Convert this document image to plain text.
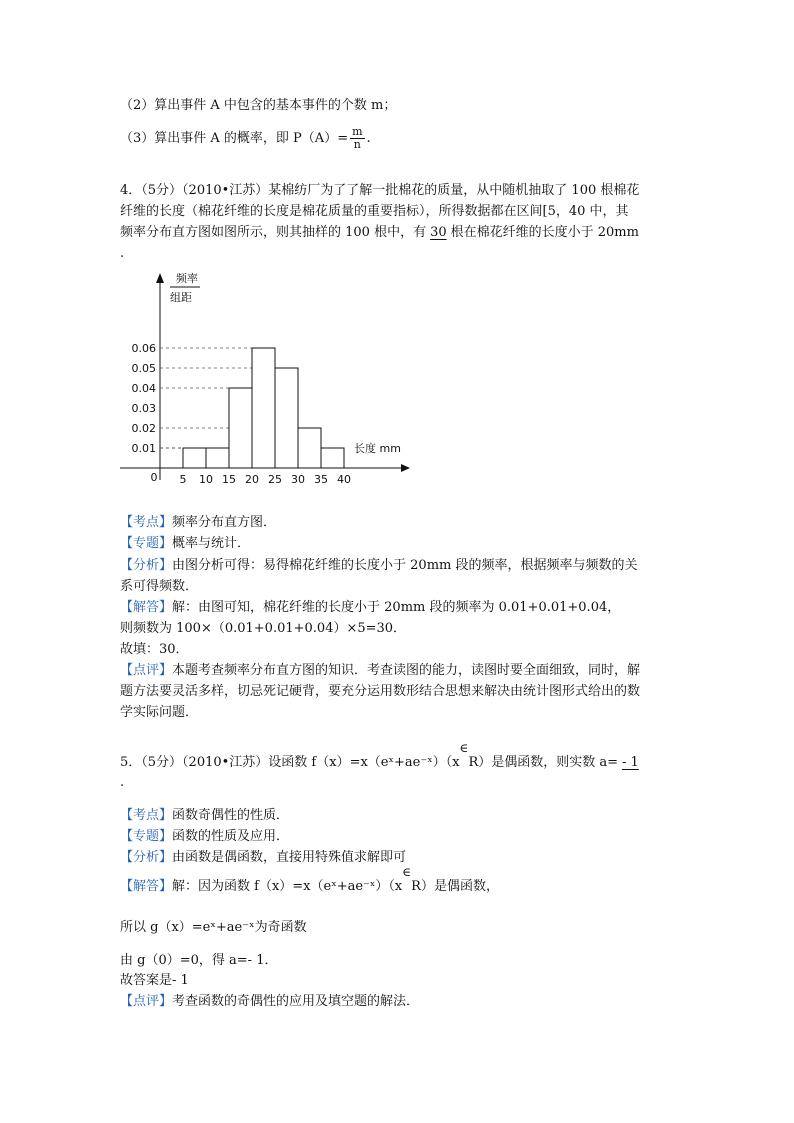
（2）算出事件 A 中包含的基本事件的个数 m；
（3）算出事件 A 的概率，即 $P(A)= \frac{m}{n}$ .
4．（5分）（2010•江苏）某棉纺厂为了了解一批棉花的质量，从中随机抽取了 100 根棉花
纤维的长度（棉花纤维的长度是棉花质量的重要指标），所得数据都在区间[5，40 中，其
频率分布直方图如图所示，则其抽样的 100 根中，有 30 根在棉花纤维的长度小于 20mm
.
频率
组距
0.01
0.02
0.03
0.04
0.05
0.06
5 10 15 20 25 30 35 40
0
长度 mm
【考点】频率分布直方图．
【专题】概率与统计．
【分析】由图分析可得：易得棉花纤维的长度小于 20mm 段的频率，根据频率与频数的关
系可得频数．
【解答】解：由图可知，棉花纤维的长度小于 20mm 段的频率为 0.01+0.01+0.04，
则频数为 100×（0.01+0.01+0.04）×5=30．
故填：30．
【点评】本题考查频率分布直方图的知识．考查读图的能力，读图时要全面细致，同时，解
题方法要灵活多样，切忌死记硬背，要充分运用数形结合思想来解决由统计图形式给出的数
学实际问题．
5．（5分）（2010•江苏）设函数 f（x）=x（eˣ+ae⁻ˣ）（x∈R）是偶函数，则实数 a= - 1
.
【考点】函数奇偶性的性质．
【专题】函数的性质及应用．
【分析】由函数是偶函数，直接用特殊值求解即可
【解答】解：因为函数 f（x）=x（eˣ+ae⁻ˣ）（x∈R）是偶函数，
所以 g（x）=eˣ+ae⁻ˣ为奇函数
由 g（0）=0，得 a=- 1．
故答案是- 1
【点评】考查函数的奇偶性的应用及填空题的解法．
